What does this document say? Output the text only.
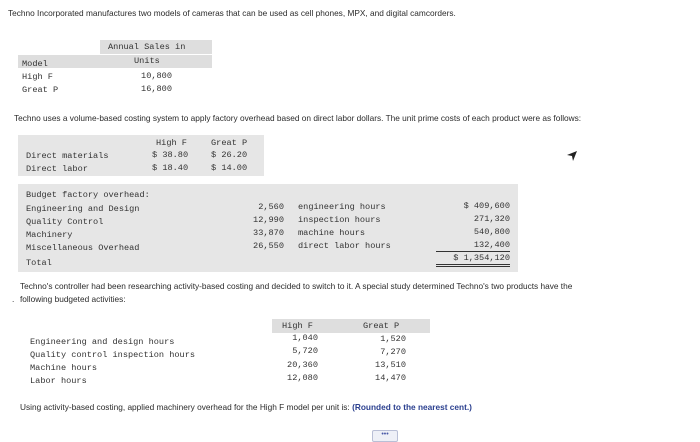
Techno Incorporated manufactures two models of cameras that can be used as cell phones, MPX, and digital camcorders.
Annual Sales in
Units
Model
High F	10,800
Great P	16,800
Techno uses a volume-based costing system to apply factory overhead based on direct labor dollars. The unit prime costs of each product were as follows:
High F	Great P
Direct materials	$ 38.80	$ 26.20
Direct labor	$ 18.40	$ 14.00
Budget factory overhead:
Engineering and Design	2,560 engineering hours	$ 409,600
Quality Control	12,990 inspection hours	271,320
Machinery	33,870 machine hours	540,800
Miscellaneous Overhead	26,550 direct labor hours	132,400
Total	$ 1,354,120
Techno's controller had been researching activity-based costing and decided to switch to it. A special study determined Techno's two products have the
. following budgeted activities:
High F	Great P
Engineering and design hours	1,040	1,520
Quality control inspection hours	5,720	7,270
Machine hours	20,360	13,510
Labor hours	12,080	14,470
Using activity-based costing, applied machinery overhead for the High F model per unit is: (Rounded to the nearest cent.)
•••
